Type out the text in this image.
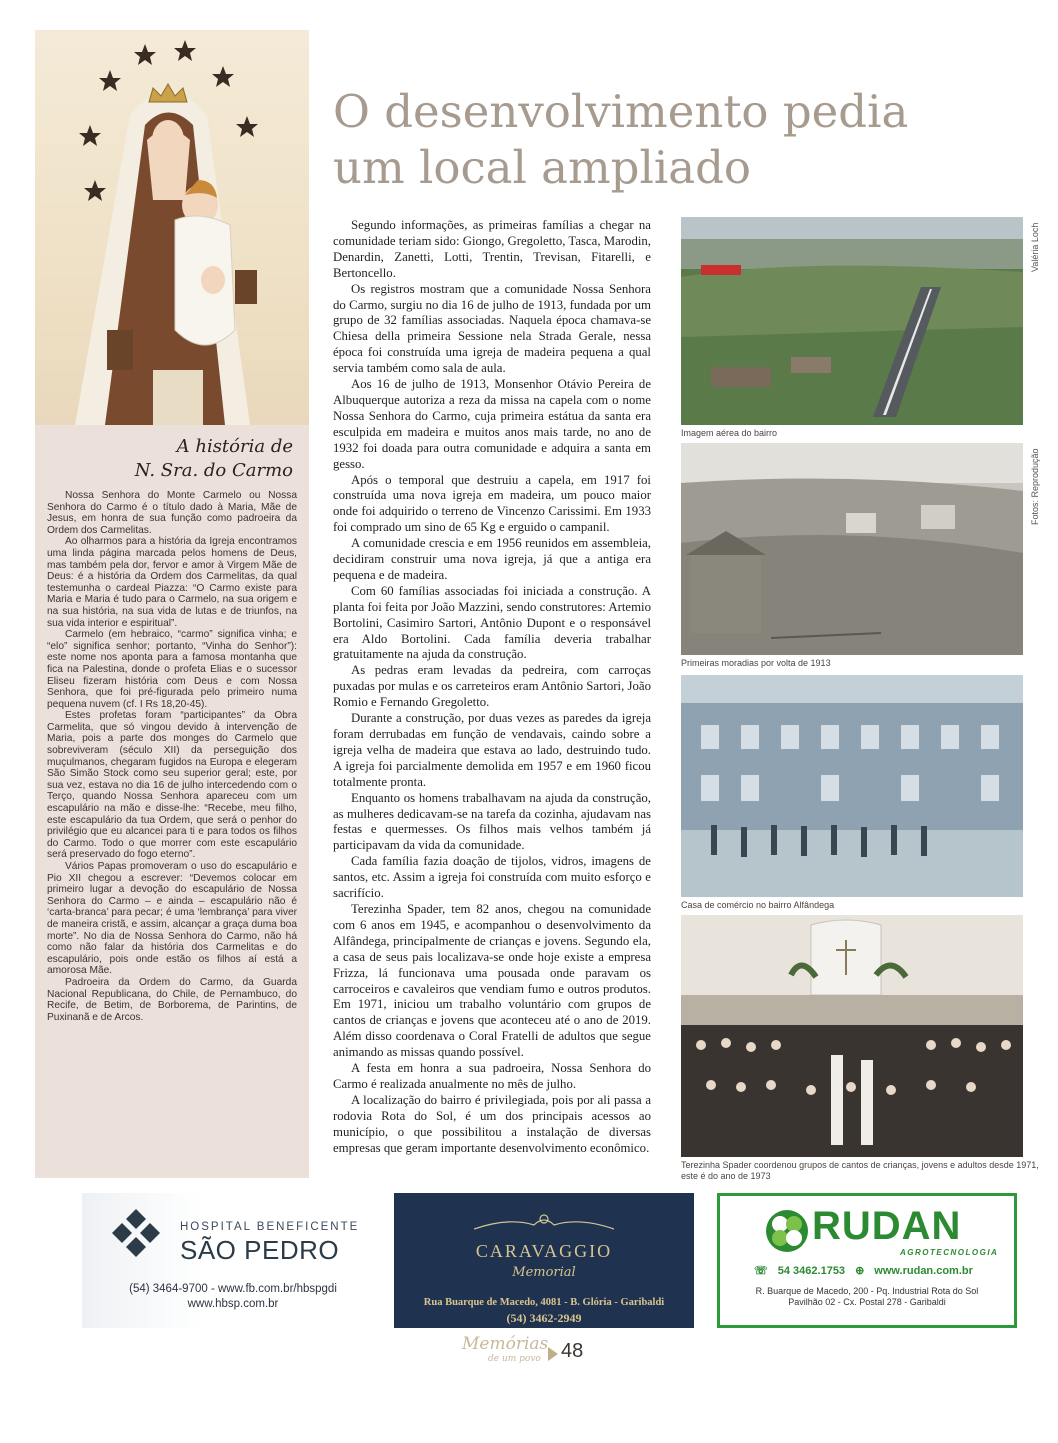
A história de
N. Sra. do Carmo

Nossa Senhora do Monte Carmelo ou Nossa Senhora do Carmo é o título dado à Maria, Mãe de Jesus, em honra de sua função como padroeira da Ordem dos Carmelitas.

Ao olharmos para a história da Igreja encontramos uma linda página marcada pelos homens de Deus, mas também pela dor, fervor e amor à Virgem Mãe de Deus: é a história da Ordem dos Carmelitas, da qual testemunha o cardeal Piazza: “O Carmo existe para Maria e Maria é tudo para o Carmelo, na sua origem e na sua história, na sua vida de lutas e de triunfos, na sua vida interior e espiritual”.

Carmelo (em hebraico, “carmo” significa vinha; e “elo” significa senhor; portanto, “Vinha do Senhor”): este nome nos aponta para a famosa montanha que fica na Palestina, donde o profeta Elias e o sucessor Eliseu fizeram história com Deus e com Nossa Senhora, que foi pré-figurada pelo primeiro numa pequena nuvem (cf. I Rs 18,20-45).

Estes profetas foram “participantes” da Obra Carmelita, que só vingou devido à intervenção de Maria, pois a parte dos monges do Carmelo que sobreviveram (século XII) da perseguição dos muçulmanos, chegaram fugidos na Europa e elegeram São Simão Stock como seu superior geral; este, por sua vez, estava no dia 16 de julho intercedendo com o Terço, quando Nossa Senhora apareceu com um escapulário na mão e disse-lhe: “Recebe, meu filho, este escapulário da tua Ordem, que será o penhor do privilégio que eu alcancei para ti e para todos os filhos do Carmo. Todo o que morrer com este escapulário será preservado do fogo eterno”.

Vários Papas promoveram o uso do escapulário e Pio XII chegou a escrever: “Devemos colocar em primeiro lugar a devoção do escapulário de Nossa Senhora do Carmo – e ainda – escapulário não é ‘carta-branca’ para pecar; é uma ‘lembrança’ para viver de maneira cristã, e assim, alcançar a graça duma boa morte”. No dia de Nossa Senhora do Carmo, não há como não falar da história dos Carmelitas e do escapulário, pois onde estão os filhos aí está a amorosa Mãe.

Padroeira da Ordem do Carmo, da Guarda Nacional Republicana, do Chile, de Pernambuco, do Recife, de Betim, de Borborema, de Parintins, de Puxinanã e de Arcos.

O desenvolvimento pedia
um local ampliado

Segundo informações, as primeiras famílias a chegar na comunidade teriam sido: Giongo, Gregoletto, Tasca, Marodin, Denardin, Zanetti, Lotti, Trentin, Trevisan, Fitarelli, e Bertoncello.

Os registros mostram que a comunidade Nossa Senhora do Carmo, surgiu no dia 16 de julho de 1913, fundada por um grupo de 32 famílias associadas. Naquela época chamava-se Chiesa della primeira Sessione nela Strada Gerale, nessa época foi construída uma igreja de madeira pequena a qual servia também como sala de aula.

Aos 16 de julho de 1913, Monsenhor Otávio Pereira de Albuquerque autoriza a reza da missa na capela com o nome Nossa Senhora do Carmo, cuja primeira estátua da santa era esculpida em madeira e muitos anos mais tarde, no ano de 1932 foi doada para outra comunidade e adquira a santa em gesso.

Após o temporal que destruiu a capela, em 1917 foi construída uma nova igreja em madeira, um pouco maior onde foi adquirido o terreno de Vincenzo Carissimi. Em 1933 foi comprado um sino de 65 Kg e erguido o campanil.

A comunidade crescia e em 1956 reunidos em assembleia, decidiram construir uma nova igreja, já que a antiga era pequena e de madeira.

Com 60 famílias associadas foi iniciada a construção. A planta foi feita por João Mazzini, sendo construtores: Artemio Bortolini, Casimiro Sartori, Antônio Dupont e o responsável era Aldo Bortolini. Cada família deveria trabalhar gratuitamente na ajuda da construção.

As pedras eram levadas da pedreira, com carroças puxadas por mulas e os carreteiros eram Antônio Sartori, João Romio e Fernando Gregoletto.

Durante a construção, por duas vezes as paredes da igreja foram derrubadas em função de vendavais, caindo sobre a igreja velha de madeira que estava ao lado, destruindo tudo. A igreja foi parcialmente demolida em 1957 e em 1960 ficou totalmente pronta.

Enquanto os homens trabalhavam na ajuda da construção, as mulheres dedicavam-se na tarefa da cozinha, ajudavam nas festas e quermesses. Os filhos mais velhos também já participavam da vida da comunidade.

Cada família fazia doação de tijolos, vidros, imagens de santos, etc. Assim a igreja foi construída com muito esforço e sacrifício.

Terezinha Spader, tem 82 anos, chegou na comunidade com 6 anos em 1945, e acompanhou o desenvolvimento da Alfândega, principalmente de crianças e jovens. Segundo ela, a casa de seus pais localizava-se onde hoje existe a empresa Frizza, lá funcionava uma pousada onde paravam os carroceiros e cavaleiros que vendiam fumo e outros produtos. Em 1971, iniciou um trabalho voluntário com grupos de cantos de crianças e jovens que aconteceu até o ano de 2019. Além disso coordenava o Coral Fratelli de adultos que segue animando as missas quando possível.

A festa em honra a sua padroeira, Nossa Senhora do Carmo é realizada anualmente no mês de julho.

A localização do bairro é privilegiada, pois por ali passa a rodovia Rota do Sol, é um dos principais acessos ao município, o que possibilitou a instalação de diversas empresas que geram importante desenvolvimento econômico.

Valéria Loch
Imagem aérea do bairro
Fotos: Reprodução
Primeiras moradias por volta de 1913
Casa de comércio no bairro Alfândega
Terezinha Spader coordenou grupos de cantos de crianças, jovens e adultos desde 1971, este é do ano de 1973
HOSPITAL BENEFICENTE
SÃO PEDRO
(54) 3464-9700 - www.fb.com.br/hbspgdi
www.hbsp.com.br
CARAVAGGIO
Memorial
Rua Buarque de Macedo, 4081 - B. Glória - Garibaldi
(54) 3462-2949
RUDAN
AGROTECNOLOGIA
☏ 54 3462.1753 ⊕ www.rudan.com.br
R. Buarque de Macedo, 200 - Pq. Industrial Rota do Sol
Pavilhão 02 - Cx. Postal 278 - Garibaldi
Memórias
de um povo 48
